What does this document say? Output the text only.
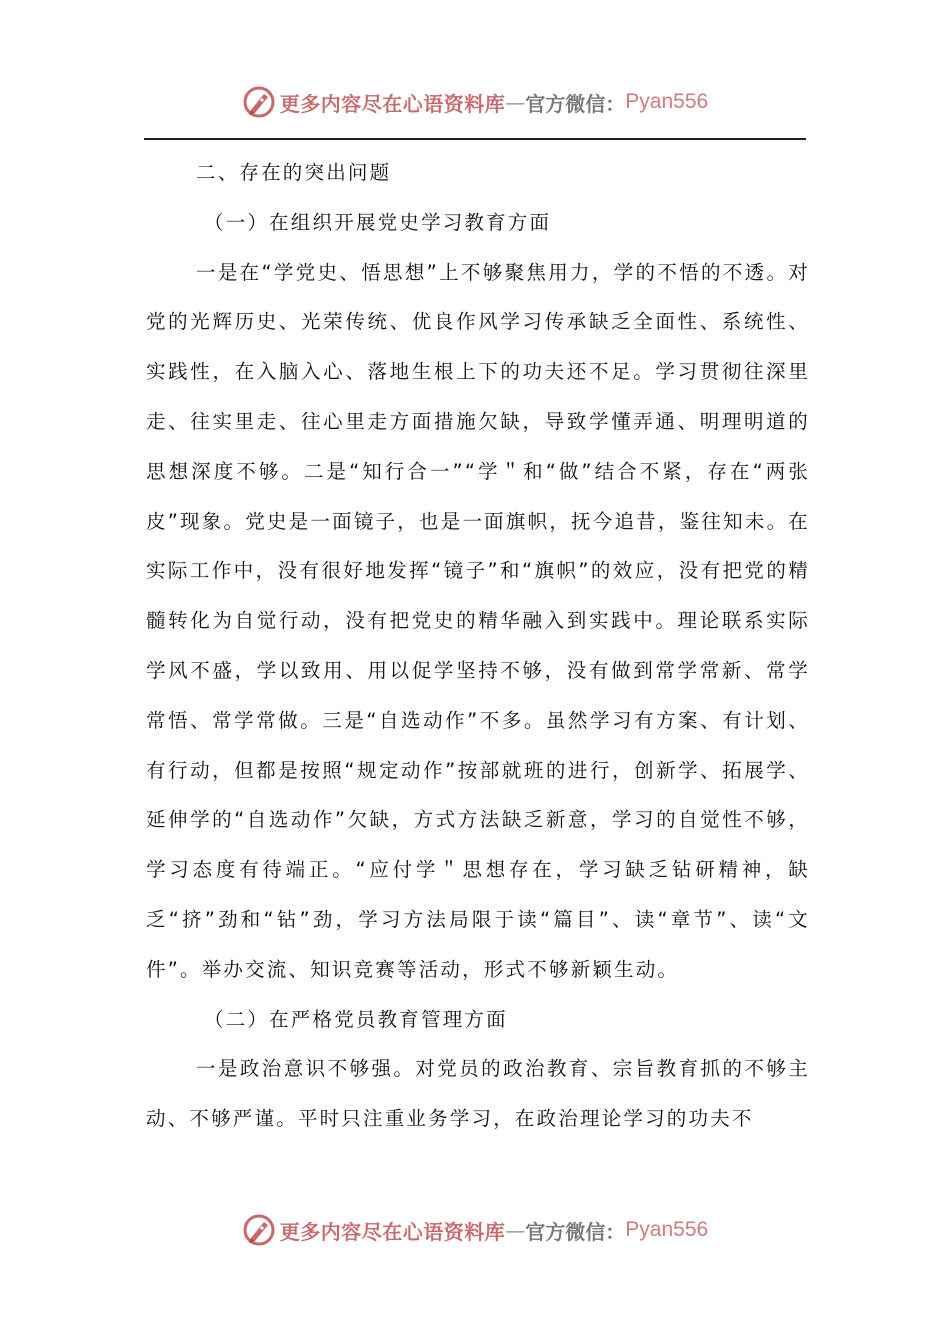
更多内容尽在心语资料库 — 官方微信： Pyan556

二、存在的突出问题

（一）在组织开展党史学习教育方面

一是在“学党史、悟思想”上不够聚焦用力，学的不悟的不透。对党的光辉历史、光荣传统、优良作风学习传承缺乏全面性、系统性、实践性，在入脑入心、落地生根上下的功夫还不足。学习贯彻往深里走、往实里走、往心里走方面措施欠缺，导致学懂弄通、明理明道的思想深度不够。二是“知行合一”“学＂和“做”结合不紧，存在“两张皮”现象。党史是一面镜子，也是一面旗帜，抚今追昔，鉴往知未。在实际工作中，没有很好地发挥“镜子”和“旗帜”的效应，没有把党的精髓转化为自觉行动，没有把党史的精华融入到实践中。理论联系实际学风不盛，学以致用、用以促学坚持不够，没有做到常学常新、常学常悟、常学常做。三是“自选动作”不多。虽然学习有方案、有计划、有行动，但都是按照“规定动作”按部就班的进行，创新学、拓展学、延伸学的“自选动作”欠缺，方式方法缺乏新意，学习的自觉性不够，学习态度有待端正。“应付学＂思想存在，学习缺乏钻研精神，缺乏“挤”劲和“钻”劲，学习方法局限于读“篇目”、读“章节”、读“文件”。举办交流、知识竞赛等活动，形式不够新颖生动。

（二）在严格党员教育管理方面

一是政治意识不够强。对党员的政治教育、宗旨教育抓的不够主动、不够严谨。平时只注重业务学习，在政治理论学习的功夫不

更多内容尽在心语资料库 — 官方微信： Pyan556
